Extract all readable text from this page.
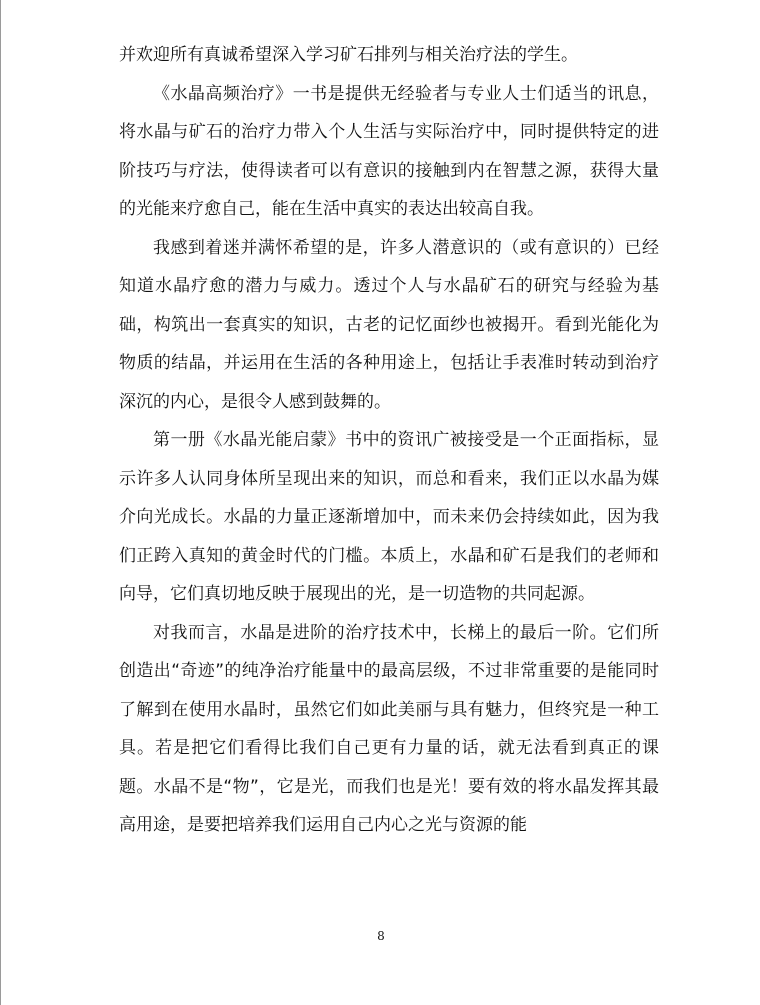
并欢迎所有真诚希望深入学习矿石排列与相关治疗法的学生。

《水晶高频治疗》一书是提供无经验者与专业人士们适当的讯息，将水晶与矿石的治疗力带入个人生活与实际治疗中，同时提供特定的进阶技巧与疗法，使得读者可以有意识的接触到内在智慧之源，获得大量的光能来疗愈自己，能在生活中真实的表达出较高自我。

我感到着迷并满怀希望的是，许多人潜意识的（或有意识的）已经知道水晶疗愈的潜力与威力。透过个人与水晶矿石的研究与经验为基础，构筑出一套真实的知识，古老的记忆面纱也被揭开。看到光能化为物质的结晶，并运用在生活的各种用途上，包括让手表准时转动到治疗深沉的内心，是很令人感到鼓舞的。

第一册《水晶光能启蒙》书中的资讯广被接受是一个正面指标，显示许多人认同身体所呈现出来的知识，而总和看来，我们正以水晶为媒介向光成长。水晶的力量正逐渐增加中，而未来仍会持续如此，因为我们正跨入真知的黄金时代的门槛。本质上，水晶和矿石是我们的老师和向导，它们真切地反映于展现出的光，是一切造物的共同起源。

对我而言，水晶是进阶的治疗技术中，长梯上的最后一阶。它们所创造出“奇迹”的纯净治疗能量中的最高层级，不过非常重要的是能同时了解到在使用水晶时，虽然它们如此美丽与具有魅力，但终究是一种工具。若是把它们看得比我们自己更有力量的话，就无法看到真正的课题。水晶不是“物”，它是光，而我们也是光！要有效的将水晶发挥其最高用途，是要把培养我们运用自己内心之光与资源的能

8
